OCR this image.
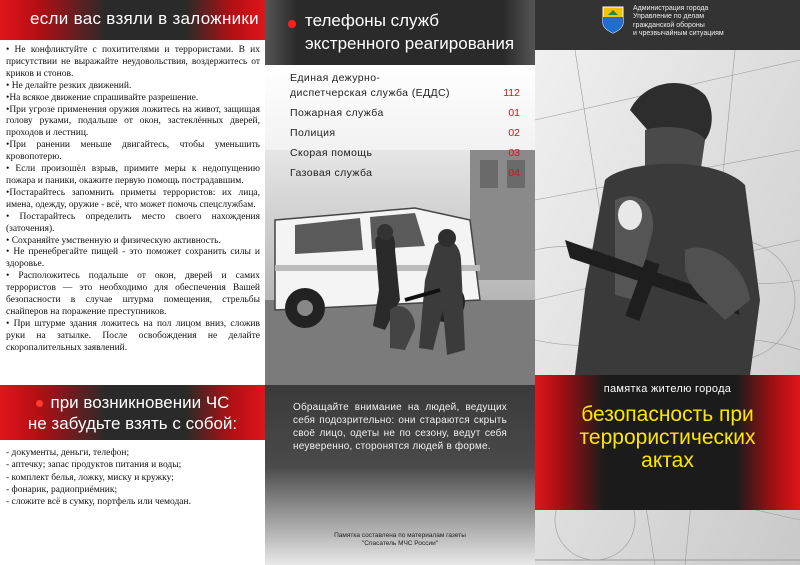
если вас взяли в заложники

• Не конфликтуйте с похитителями и террористами. В их присутствии не выражайте неудовольствия, воздержитесь от криков и стонов.

• Не делайте резких движений.

•На всякое движение спрашивайте разрешение.

•При угрозе применения оружия ложитесь на живот, защищая голову руками, подальше от окон, застеклённых дверей, проходов и лестниц.

•При ранении меньше двигайтесь, чтобы уменьшить кровопотерю.

• Если произошёл взрыв, примите меры к недопущению пожара и паники, окажите первую помощь пострадавшим.

•Постарайтесь запомнить приметы террористов: их лица, имена, одежду, оружие - всё, что может помочь спецслужбам.

• Постарайтесь определить место своего нахождения (заточения).

• Сохраняйте умственную и физическую активность.

• Не пренебрегайте пищей - это поможет сохранить силы и здоровье.

• Расположитесь подальше от окон, дверей и самих террористов — это необходимо для обеспечения Вашей безопасности в случае штурма помещения, стрельбы снайперов на поражение преступников.

• При штурме здания ложитесь на пол лицом вниз, сложив руки на затылке. После освобождения не делайте скоропалительных заявлений.

при возникновении ЧС
не забудьте взять с собой:

- документы, деньги, телефон;

- аптечку; запас продуктов питания и воды;

- комплект белья, ложку, миску и кружку;

- фонарик, радиоприёмник;

- сложите всё в сумку, портфель или чемодан.

телефоны служб
экстренного реагирования
Единая дежурно-
диспетчерская служба (ЕДДС)	112
Пожарная служба	01
Полиция	02
Скорая помощь	03
Газовая служба	04
Обращайте внимание на людей, ведущих себя подозрительно: они стараются скрыть своё лицо, одеты не по сезону, ведут себя неуверенно, сторонятся людей в форме.
Памятка составлена по материалам газеты
"Спасатель МЧС России"
Администрация города
Управление по делам
гражданской обороны
и чрезвычайным ситуациям
памятка жителю города
безопасность при
террористических
актах
